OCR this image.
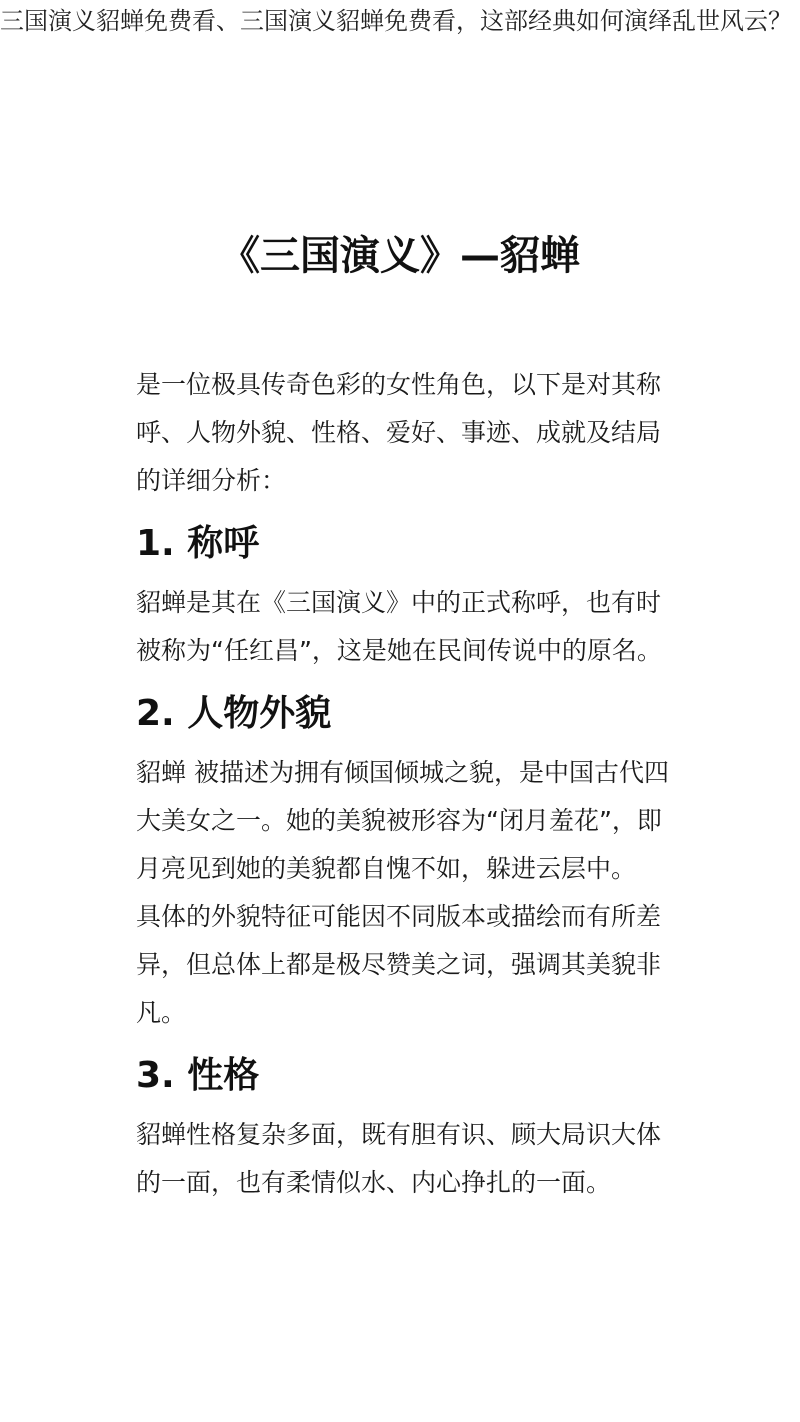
三国演义貂蝉免费看、三国演义貂蝉免费看，这部经典如何演绎乱世风云？
《三国演义》—貂蝉

是一位极具传奇色彩的女性角色，以下是对其称呼、人物外貌、性格、爱好、事迹、成就及结局的详细分析：

1. 称呼

貂蝉是其在《三国演义》中的正式称呼，也有时被称为“任红昌”，这是她在民间传说中的原名。

2. 人物外貌

貂蝉 被描述为拥有倾国倾城之貌，是中国古代四大美女之一。她的美貌被形容为“闭月羞花”，即月亮见到她的美貌都自愧不如，躲进云层中。

具体的外貌特征可能因不同版本或描绘而有所差异，但总体上都是极尽赞美之词，强调其美貌非凡。

3. 性格

貂蝉性格复杂多面，既有胆有识、顾大局识大体的一面，也有柔情似水、内心挣扎的一面。
